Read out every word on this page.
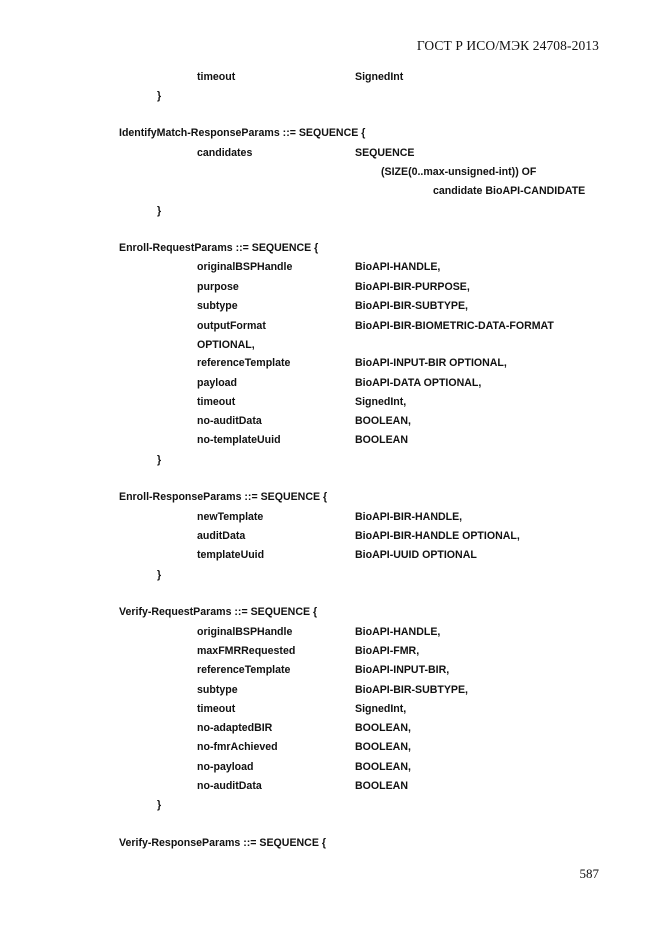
ГОСТ Р ИСО/МЭК 24708-2013
timeout	SignedInt
}
IdentifyMatch-ResponseParams ::= SEQUENCE {
candidates	SEQUENCE
(SIZE(0..max-unsigned-int)) OF
candidate BioAPI-CANDIDATE
}
Enroll-RequestParams ::= SEQUENCE {
originalBSPHandle	BioAPI-HANDLE,
purpose	BioAPI-BIR-PURPOSE,
subtype	BioAPI-BIR-SUBTYPE,
outputFormat	BioAPI-BIR-BIOMETRIC-DATA-FORMAT
OPTIONAL,
referenceTemplate	BioAPI-INPUT-BIR OPTIONAL,
payload	BioAPI-DATA OPTIONAL,
timeout	SignedInt,
no-auditData	BOOLEAN,
no-templateUuid	BOOLEAN
}
Enroll-ResponseParams ::= SEQUENCE {
newTemplate	BioAPI-BIR-HANDLE,
auditData	BioAPI-BIR-HANDLE OPTIONAL,
templateUuid	BioAPI-UUID OPTIONAL
}
Verify-RequestParams ::= SEQUENCE {
originalBSPHandle	BioAPI-HANDLE,
maxFMRRequested	BioAPI-FMR,
referenceTemplate	BioAPI-INPUT-BIR,
subtype	BioAPI-BIR-SUBTYPE,
timeout	SignedInt,
no-adaptedBIR	BOOLEAN,
no-fmrAchieved	BOOLEAN,
no-payload	BOOLEAN,
no-auditData	BOOLEAN
}
Verify-ResponseParams ::= SEQUENCE {
587
